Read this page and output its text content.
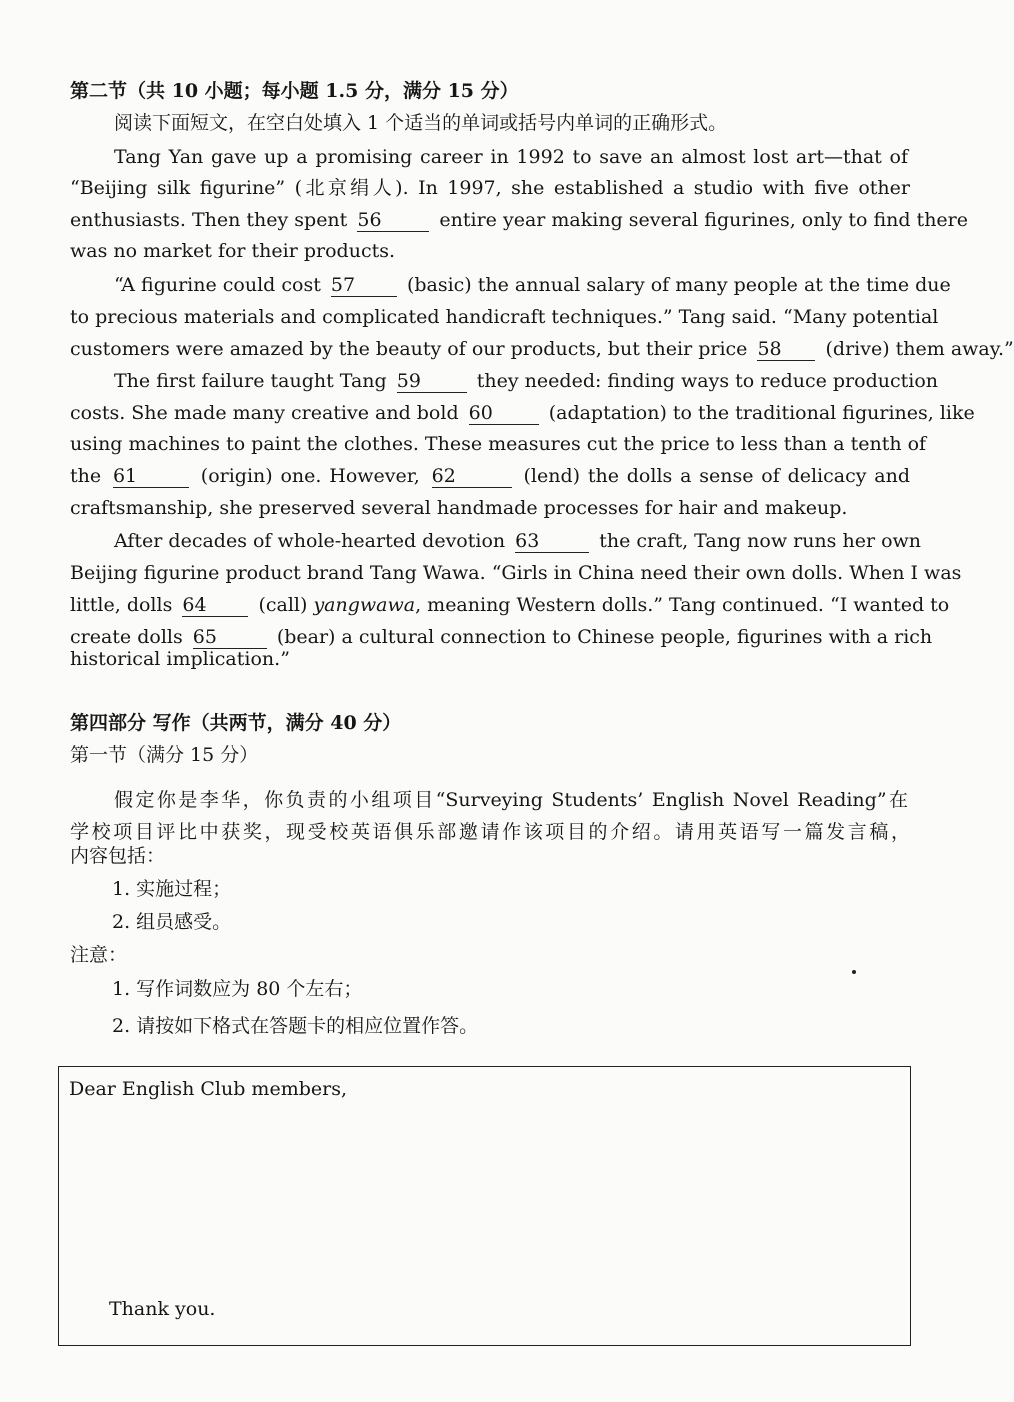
第二节（共 10 小题；每小题 1.5 分，满分 15 分）
阅读下面短文，在空白处填入 1 个适当的单词或括号内单词的正确形式。
Tang Yan gave up a promising career in 1992 to save an almost lost art—that of
“Beijing silk figurine” (北京绢人). In 1997, she established a studio with five other
enthusiasts. Then they spent 56	entire year making several figurines, only to find there
was no market for their products.
“A figurine could cost 57	(basic) the annual salary of many people at the time due
to precious materials and complicated handicraft techniques.” Tang said. “Many potential
customers were amazed by the beauty of our products, but their price 58 (drive) them away.”
The first failure taught Tang 59	they needed: finding ways to reduce production
costs. She made many creative and bold 60	(adaptation) to the traditional figurines, like
using machines to paint the clothes. These measures cut the price to less than a tenth of
the 61	(origin) one. However, 62	(lend) the dolls a sense of delicacy and
craftsmanship, she preserved several handmade processes for hair and makeup.
After decades of whole-hearted devotion 63	the craft, Tang now runs her own
Beijing figurine product brand Tang Wawa. “Girls in China need their own dolls. When I was
little, dolls 64	(call) yangwawa, meaning Western dolls.” Tang continued. “I wanted to
create dolls 65	(bear) a cultural connection to Chinese people, figurines with a rich
historical implication.”
第四部分 写作（共两节，满分 40 分）
第一节（满分 15 分）
假定你是李华，你负责的小组项目“Surveying Students’ English Novel Reading”在
学校项目评比中获奖，现受校英语俱乐部邀请作该项目的介绍。请用英语写一篇发言稿，
内容包括：
1. 实施过程；
2. 组员感受。
注意：
1. 写作词数应为 80 个左右；
2. 请按如下格式在答题卡的相应位置作答。
Dear English Club members,
Thank you.
